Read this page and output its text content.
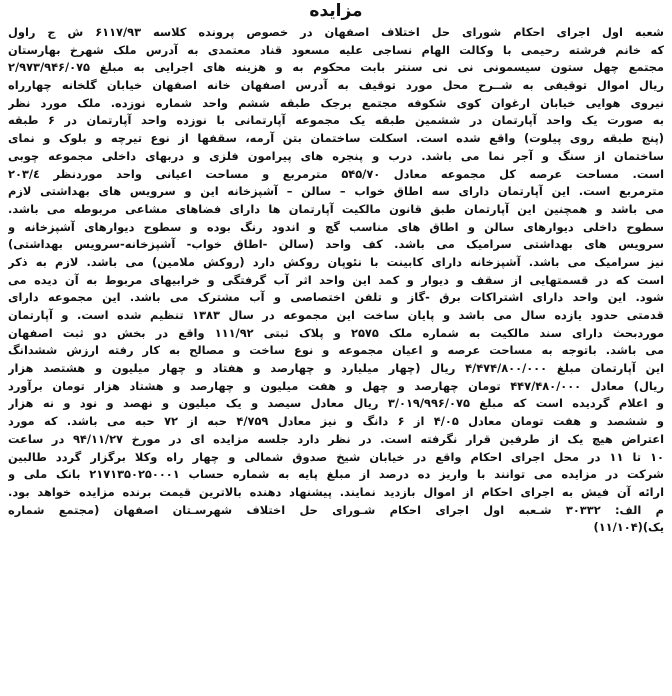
مزایده
شعبه اول اجرای احکام شورای حل اختلاف اصفهان در خصوص پرونده کلاسه ۶۱۱۷/۹۳ ش ج راول
که خانم فرشته رحیمی با وکالت الهام نساجی علیه مسعود قناد معتمدی به آدرس ملک شهرخ بهارستان
مجتمع چهل ستون سیسمونی نی نی سنتر بابت محکوم به و هزینه های اجرایی به مبلغ ۲/۹۷۳/۹۴۶/۰۷۵
ریال اموال توقیفی به شــرح محل مورد توقیف به آدرس اصفهان خانه اصفهان خیابان گلخانه چهارراه
نیروی هوایی خیابان ارغوان کوی شکوفه مجتمع برجک طبقه ششم واحد شماره نوزده. ملک مورد نظر
به صورت یک واحد آپارتمان در ششمین طبقه یک مجموعه آپارتمانی با نوزده واحد آپارتمان در ۶ طبقه
(پنج طبقه روی پیلوت) واقع شده است. اسکلت ساختمان بتن آرمه، سقفها از نوع تیرچه و بلوک و نمای
ساختمان از سنگ و آجر نما می باشد. درب و پنجره های پیرامون فلزی و دربهای داخلی مجموعه چوبی
است. مساحت عرصه کل مجموعه معادل ۵۴۵/۷۰ مترمربع و مساحت اعیانی واحد موردنظر ۲۰۳/٤
مترمربع است. این آپارتمان دارای سه اطاق خواب – سالن – آشپزخانه این و سرویس های بهداشتی لازم
می باشد و همچنین این آپارتمان طبق قانون مالکیت آپارتمان ها دارای فضاهای مشاعی مربوطه می باشد.
سطوح داخلی دیوارهای سالن و اطاق های مناسب گچ و اندود رنگ بوده و سطوح دیوارهای آشپزخانه و
سرویس های بهداشتی سرامیک می باشد. کف واحد (سالن -اطاق خواب- آشپزخانه-سرویس بهداشتی)
نیز سرامیک می باشد. آشپزخانه دارای کابینت با نئوپان روکش دارد (روکش ملامین) می باشد. لازم به ذکر
است که در قسمتهایی از سقف و دیوار و کمد این واحد اثر آب گرفتگی و خرابیهای مربوط به آن دیده می
شود. این واحد دارای اشتراکات برق -گاز و تلفن اختصاصی و آب مشترک می باشد. این مجموعه دارای
قدمتی حدود یازده سال می باشد و پایان ساخت این مجموعه در سال ۱۳۸۳ تنظیم شده است. و آپارتمان
موردبحث دارای سند مالکیت به شماره ملک ۲۵۷۵ و پلاک ثبتی ۱۱۱/۹۲ واقع در بخش دو ثبت اصفهان
می باشد. باتوجه به مساحت عرصه و اعیان مجموعه و نوع ساخت و مصالح به کار رفته ارزش ششدانگ
این آپارتمان مبلغ ۴/۴۷۴/۸۰۰/۰۰۰ ریال (چهار میلیارد و چهارصد و هفتاد و چهار میلیون و هشتصد هزار
ریال) معادل ۴۴۷/۴۸۰/۰۰۰ تومان چهارصد و چهل و هفت میلیون و چهارصد و هشتاد هزار تومان برآورد
و اعلام گردیده است که مبلغ ۳/۰۱۹/۹۹۶/۰۷۵ ریال معادل سیصد و یک میلیون و نهصد و نود و نه هزار
و ششصد و هفت تومان معادل ۴/۰۵ از ۶ دانگ و نیز معادل ۴/۷۵۹ حبه از ۷۲ حبه می باشد. که مورد
اعتراض هیچ یک از طرفین قرار نگرفته است. در نظر دارد جلسه مزایده ای در مورخ ۹۴/۱۱/۲۷ در ساعت
۱۰ تا ۱۱ در محل اجرای احکام واقع در خیابان شیخ صدوق شمالی و چهار راه وکلا برگزار گردد طالبین
شرکت در مزایده می توانند با واریز ده درصد از مبلغ پایه به شماره حساب ۲۱۷۱۳۵۰۲۵۰۰۰۱ بانک ملی و
ارائه آن فیش به اجرای احکام از اموال بازدید نمایند. پیشنهاد دهنده بالاترین قیمت برنده مزایده خواهد بود.
م الف: ۳۰۳۳۲ شـعبه اول اجرای احکام شـورای حل اختلاف شهرسـتان اصفهان (مجتمع شماره
یک)(۱۱/۱۰۴)
